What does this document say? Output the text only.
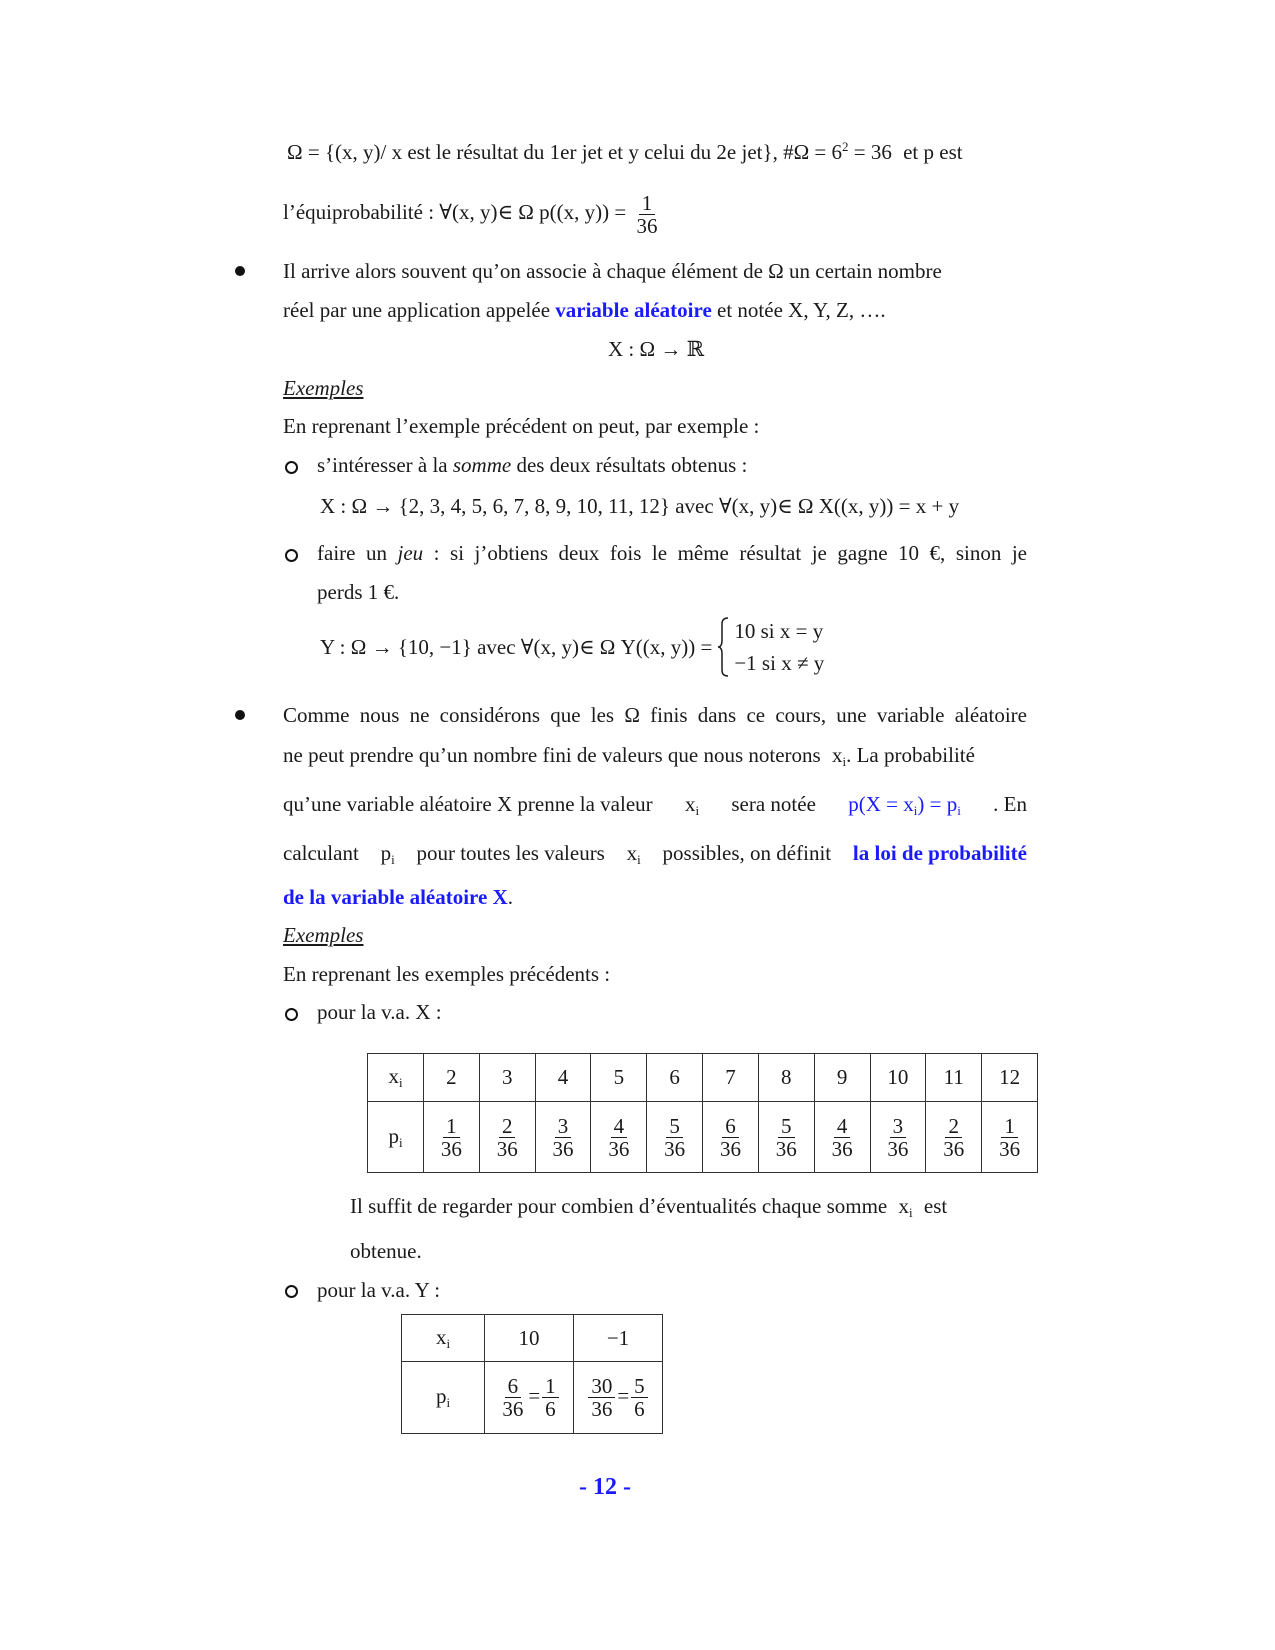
Ω = {(x, y)/ x est le résultat du 1er jet et y celui du 2e jet}, #Ω = $6^2 = 36$ et p est
l’équiprobabilité : ∀(x, y)∈ Ω p((x, $y)) = \frac{1}{36}$
Il arrive alors souvent qu’on associe à chaque élément de Ω un certain nombre
réel par une application appelée variable aléatoire et notée X, Y, Z, ….
X : Ω → ℝ
Exemples
En reprenant l’exemple précédent on peut, par exemple :
s’intéresser à la somme des deux résultats obtenus :
X : Ω → {2, 3, 4, 5, 6, 7, 8, 9, 10, 11, 12} avec ∀(x, y)∈ Ω X((x, y)) = x + y
faire un jeu : si j’obtiens deux fois le même résultat je gagne 10 €, sinon je
perds 1 €.
Y : Ω → {10, −1} avec ∀(x, y)∈ Ω Y((x, y)) =
10 si x = y
−1 si x ≠ y
Comme nous ne considérons que les Ω finis dans ce cours, une variable aléatoire
ne peut prendre qu’un nombre fini de valeurs que nous noterons $x_i$. La probabilité
qu’une variable aléatoire X prenne la valeur $x_i$ sera notée $p(X = x_i) = p_i$ . En
calculant $p_i$ pour toutes les valeurs $x_i$ possibles, on définit la loi de probabilité
de la variable aléatoire X.
Exemples
En reprenant les exemples précédents :
pour la v.a. X :
$x_i$	2	3	4	5	6	7	8	9	10	11	12
$p_i$	$\frac{1}{36}$	$\frac{2}{36}$	$\frac{3}{36}$	$\frac{4}{36}$	$\frac{5}{36}$	$\frac{6}{36}$	$\frac{5}{36}$	$\frac{4}{36}$	$\frac{3}{36}$	$\frac{2}{36}$	$\frac{1}{36}$
Il suffit de regarder pour combien d’éventualités chaque somme $x_i$ est
obtenue.
pour la v.a. Y :
$x_i$	10	−1
$p_i$	$\frac{6}{36} = \frac{1}{6}$	$\frac{30}{36} = \frac{5}{6}$
- 12 -
